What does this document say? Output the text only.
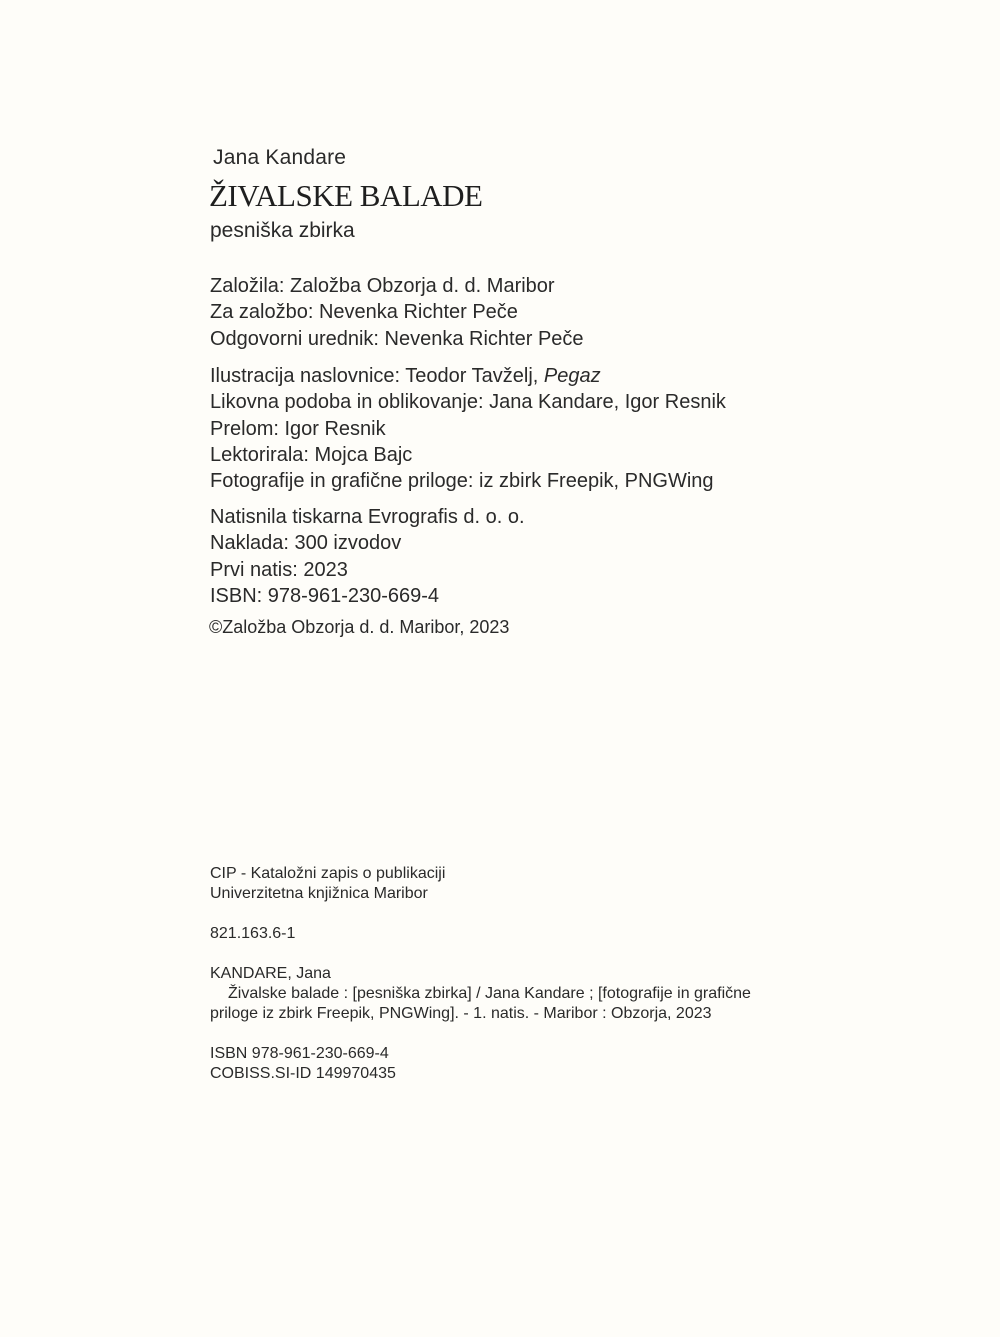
Jana Kandare
ŽIVALSKE BALADE
pesniška zbirka
Založila: Založba Obzorja d. d. Maribor
Za založbo: Nevenka Richter Peče
Odgovorni urednik: Nevenka Richter Peče
Ilustracija naslovnice: Teodor Tavželj, Pegaz
Likovna podoba in oblikovanje: Jana Kandare, Igor Resnik
Prelom: Igor Resnik
Lektorirala: Mojca Bajc
Fotografije in grafične priloge: iz zbirk Freepik, PNGWing
Natisnila tiskarna Evrografis d. o. o.
Naklada: 300 izvodov
Prvi natis: 2023
ISBN: 978-961-230-669-4
©Založba Obzorja d. d. Maribor, 2023
CIP - Kataložni zapis o publikaciji
Univerzitetna knjižnica Maribor
821.163.6-1
KANDARE, Jana
Živalske balade : [pesniška zbirka] / Jana Kandare ; [fotografije in grafične
priloge iz zbirk Freepik, PNGWing]. - 1. natis. - Maribor : Obzorja, 2023
ISBN 978-961-230-669-4
COBISS.SI-ID 149970435
